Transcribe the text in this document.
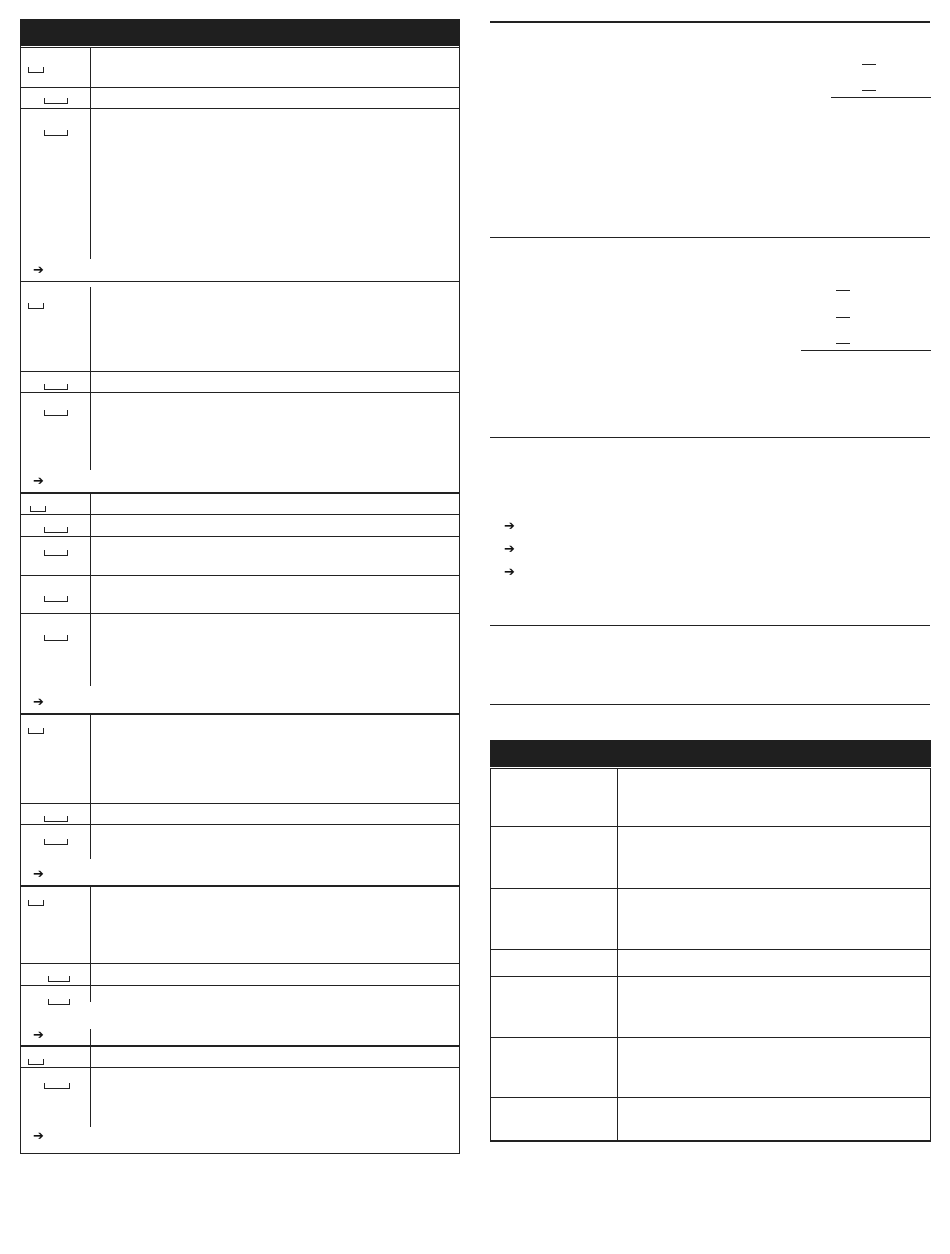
➔
➔
➔
➔
➔
➔
➔
➔
➔
